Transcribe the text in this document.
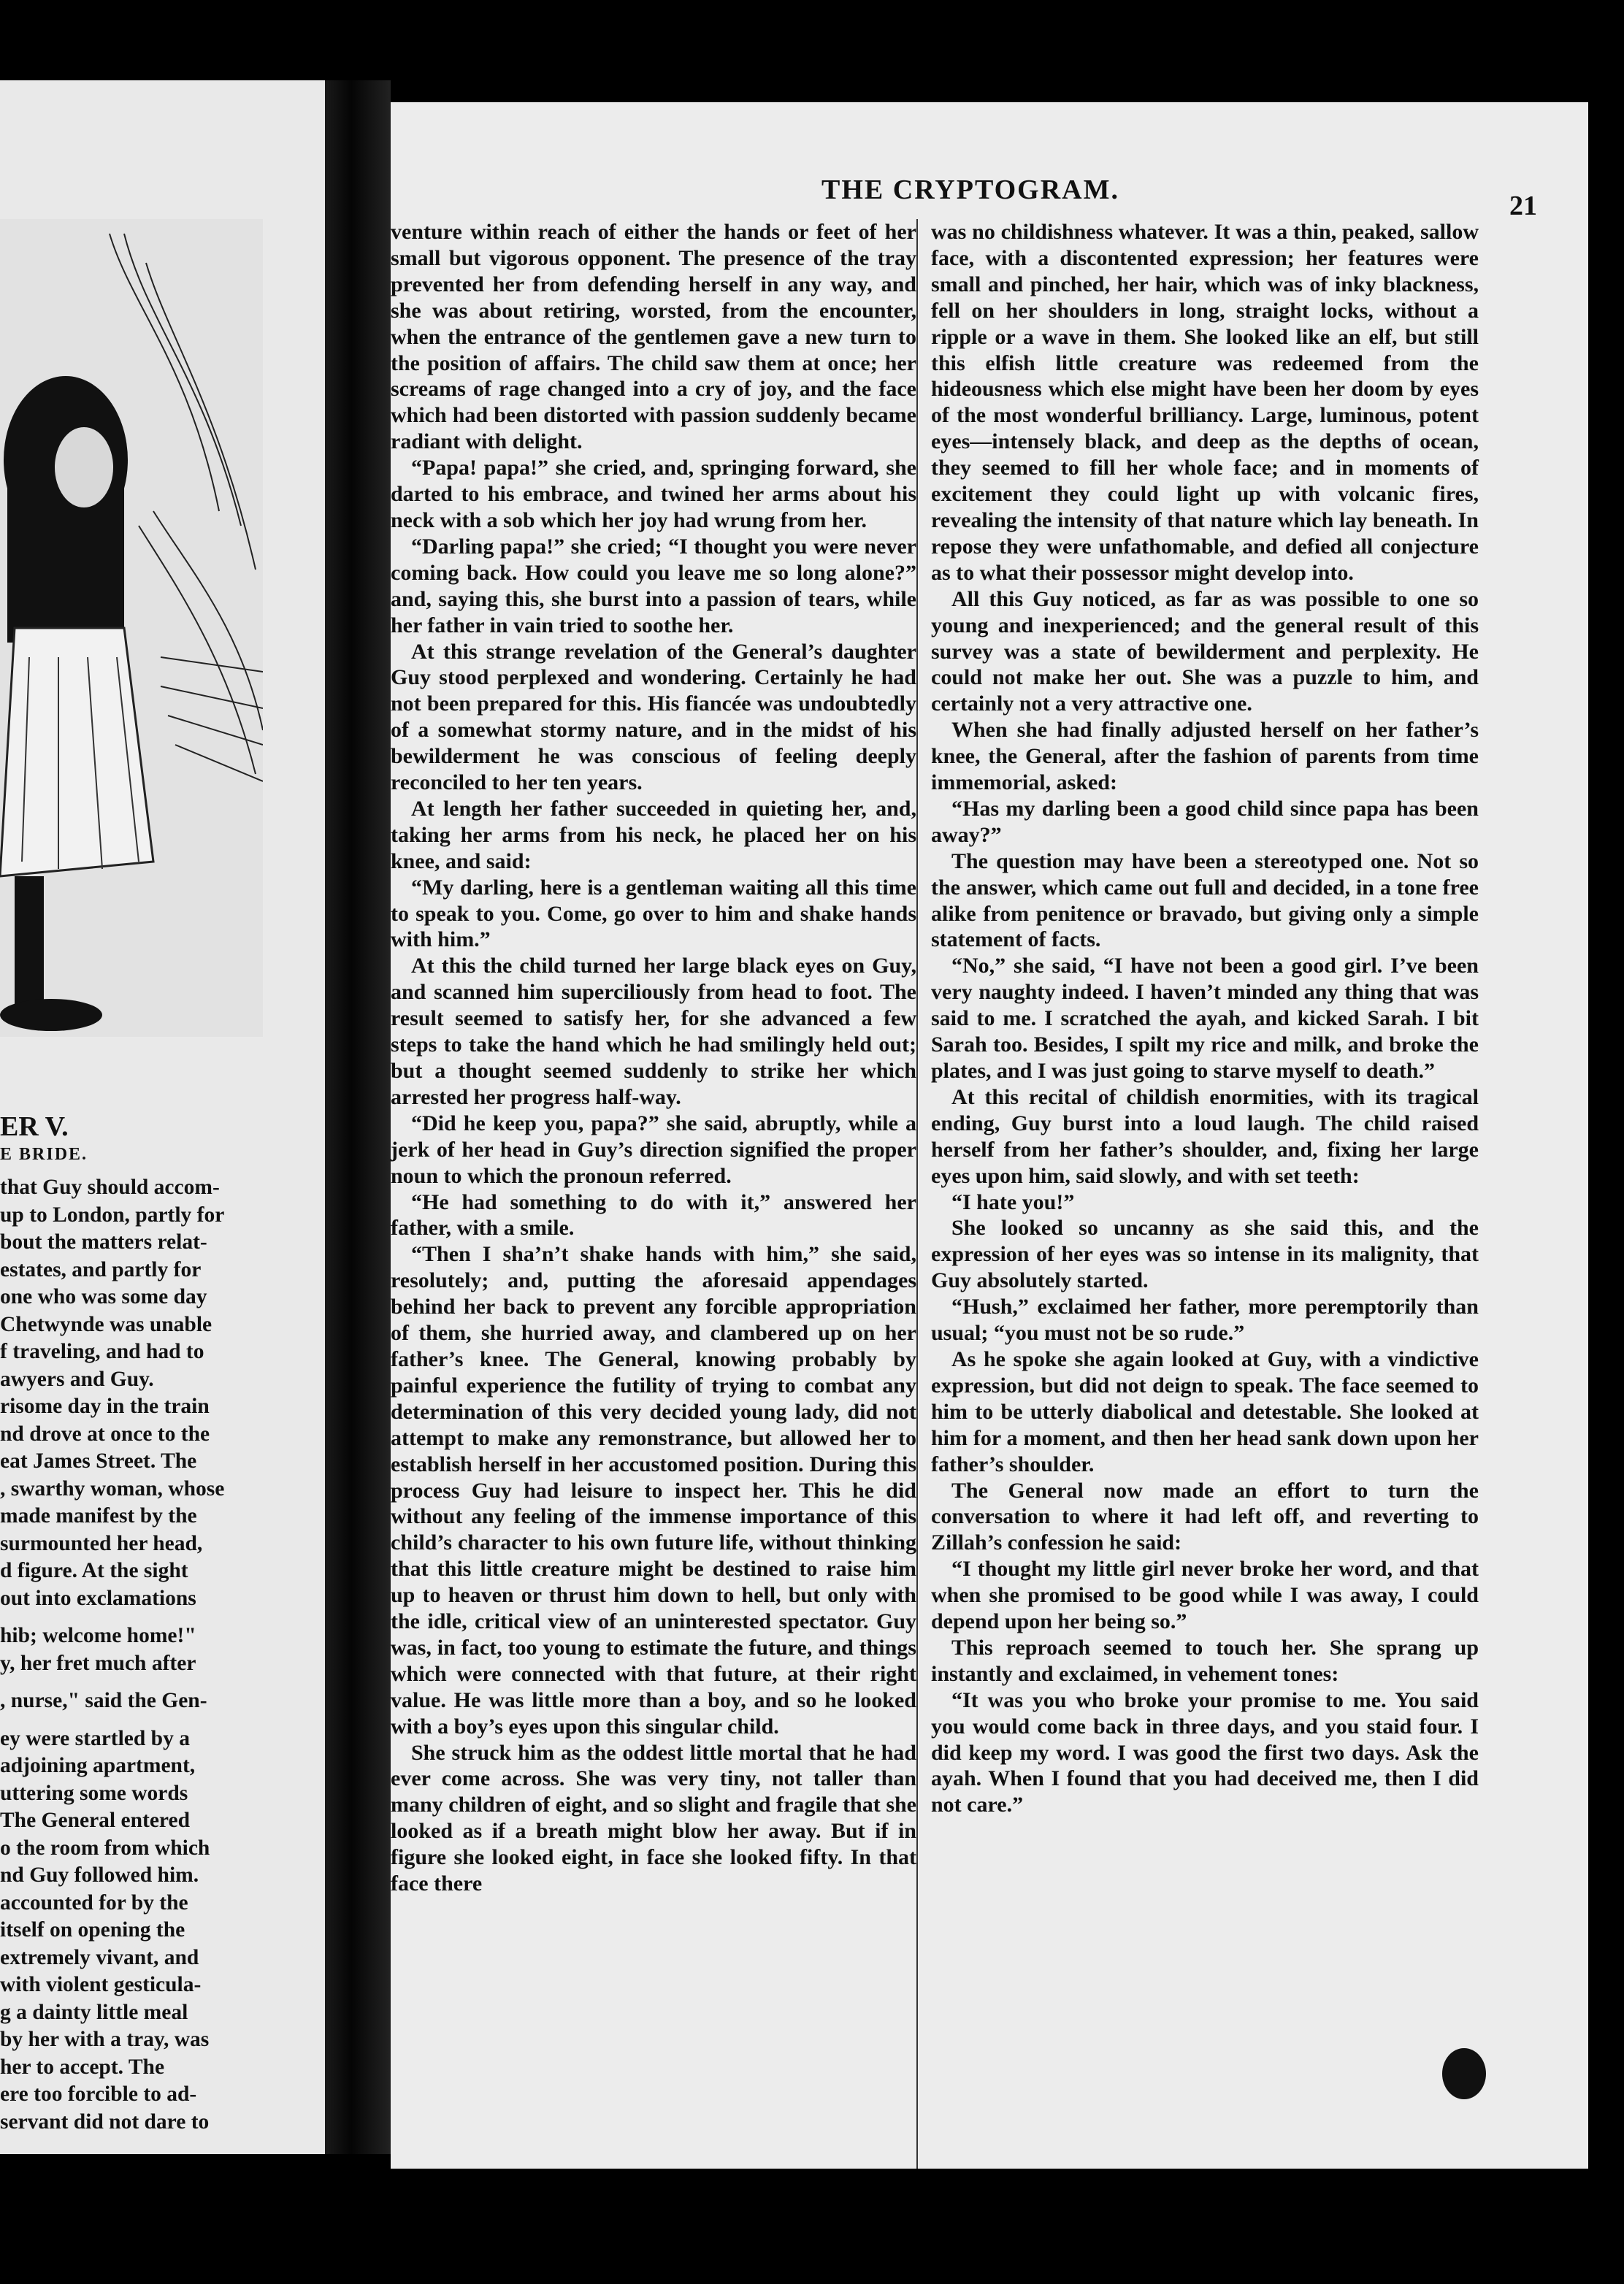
ER V.
E BRIDE.

that Guy should accom-

up to London, partly for

bout the matters relat-

estates, and partly for

one who was some day

Chetwynde was unable

f traveling, and had to

awyers and Guy.

risome day in the train

nd drove at once to the

eat James Street. The

, swarthy woman, whose

made manifest by the

surmounted her head,

d figure. At the sight

out into exclamations

hib; welcome home!"

y, her fret much after

, nurse," said the Gen-

ey were startled by a

adjoining apartment,

uttering some words

The General entered

o the room from which

nd Guy followed him.

accounted for by the

itself on opening the

extremely vivant, and

with violent gesticula-

g a dainty little meal

by her with a tray, was

her to accept. The

ere too forcible to ad-

servant did not dare to

THE CRYPTOGRAM.
21

venture within reach of either the hands or feet of her small but vigorous opponent. The presence of the tray prevented her from defending herself in any way, and she was about retiring, worsted, from the encounter, when the entrance of the gentlemen gave a new turn to the position of affairs. The child saw them at once; her screams of rage changed into a cry of joy, and the face which had been distorted with passion suddenly became radiant with delight.

“Papa! papa!” she cried, and, springing forward, she darted to his embrace, and twined her arms about his neck with a sob which her joy had wrung from her.

“Darling papa!” she cried; “I thought you were never coming back. How could you leave me so long alone?” and, saying this, she burst into a passion of tears, while her father in vain tried to soothe her.

At this strange revelation of the General’s daughter Guy stood perplexed and wondering. Certainly he had not been prepared for this. His fiancée was undoubtedly of a somewhat stormy nature, and in the midst of his bewilderment he was conscious of feeling deeply reconciled to her ten years.

At length her father succeeded in quieting her, and, taking her arms from his neck, he placed her on his knee, and said:

“My darling, here is a gentleman waiting all this time to speak to you. Come, go over to him and shake hands with him.”

At this the child turned her large black eyes on Guy, and scanned him superciliously from head to foot. The result seemed to satisfy her, for she advanced a few steps to take the hand which he had smilingly held out; but a thought seemed suddenly to strike her which arrested her progress half-way.

“Did he keep you, papa?” she said, abruptly, while a jerk of her head in Guy’s direction signified the proper noun to which the pronoun referred.

“He had something to do with it,” answered her father, with a smile.

“Then I sha’n’t shake hands with him,” she said, resolutely; and, putting the aforesaid appendages behind her back to prevent any forcible appropriation of them, she hurried away, and clambered up on her father’s knee. The General, knowing probably by painful experience the futility of trying to combat any determination of this very decided young lady, did not attempt to make any remonstrance, but allowed her to establish herself in her accustomed position. During this process Guy had leisure to inspect her. This he did without any feeling of the immense importance of this child’s character to his own future life, without thinking that this little creature might be destined to raise him up to heaven or thrust him down to hell, but only with the idle, critical view of an uninterested spectator. Guy was, in fact, too young to estimate the future, and things which were connected with that future, at their right value. He was little more than a boy, and so he looked with a boy’s eyes upon this singular child.

She struck him as the oddest little mortal that he had ever come across. She was very tiny, not taller than many children of eight, and so slight and fragile that she looked as if a breath might blow her away. But if in figure she looked eight, in face she looked fifty. In that face there

was no childishness whatever. It was a thin, peaked, sallow face, with a discontented expression; her features were small and pinched, her hair, which was of inky blackness, fell on her shoulders in long, straight locks, without a ripple or a wave in them. She looked like an elf, but still this elfish little creature was redeemed from the hideousness which else might have been her doom by eyes of the most wonderful brilliancy. Large, luminous, potent eyes—intensely black, and deep as the depths of ocean, they seemed to fill her whole face; and in moments of excitement they could light up with volcanic fires, revealing the intensity of that nature which lay beneath. In repose they were unfathomable, and defied all conjecture as to what their possessor might develop into.

All this Guy noticed, as far as was possible to one so young and inexperienced; and the general result of this survey was a state of bewilderment and perplexity. He could not make her out. She was a puzzle to him, and certainly not a very attractive one.

When she had finally adjusted herself on her father’s knee, the General, after the fashion of parents from time immemorial, asked:

“Has my darling been a good child since papa has been away?”

The question may have been a stereotyped one. Not so the answer, which came out full and decided, in a tone free alike from penitence or bravado, but giving only a simple statement of facts.

“No,” she said, “I have not been a good girl. I’ve been very naughty indeed. I haven’t minded any thing that was said to me. I scratched the ayah, and kicked Sarah. I bit Sarah too. Besides, I spilt my rice and milk, and broke the plates, and I was just going to starve myself to death.”

At this recital of childish enormities, with its tragical ending, Guy burst into a loud laugh. The child raised herself from her father’s shoulder, and, fixing her large eyes upon him, said slowly, and with set teeth:

“I hate you!”

She looked so uncanny as she said this, and the expression of her eyes was so intense in its malignity, that Guy absolutely started.

“Hush,” exclaimed her father, more peremptorily than usual; “you must not be so rude.”

As he spoke she again looked at Guy, with a vindictive expression, but did not deign to speak. The face seemed to him to be utterly diabolical and detestable. She looked at him for a moment, and then her head sank down upon her father’s shoulder.

The General now made an effort to turn the conversation to where it had left off, and reverting to Zillah’s confession he said:

“I thought my little girl never broke her word, and that when she promised to be good while I was away, I could depend upon her being so.”

This reproach seemed to touch her. She sprang up instantly and exclaimed, in vehement tones:

“It was you who broke your promise to me. You said you would come back in three days, and you staid four. I did keep my word. I was good the first two days. Ask the ayah. When I found that you had deceived me, then I did not care.”
